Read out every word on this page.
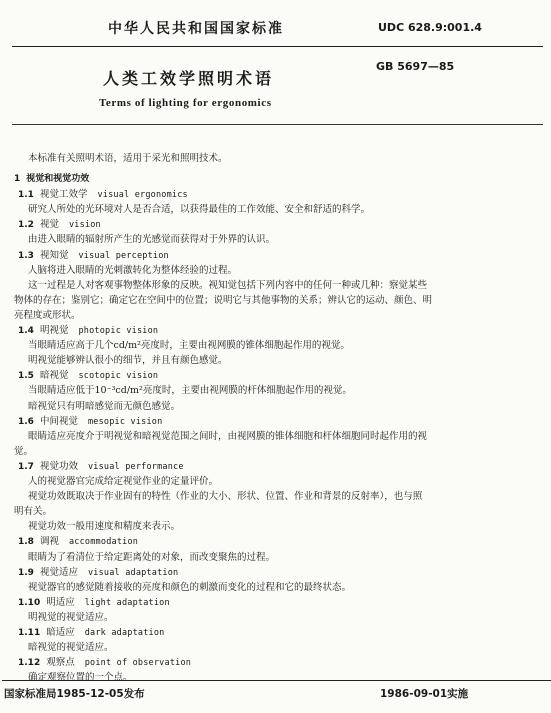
中华人民共和国国家标准	UDC 628.9:001.4
人类工效学照明术语
GB 5697—85
Terms of lighting for ergonomics
本标准有关照明术语，适用于采光和照明技术。
1 视觉和视觉功效
1.1 视觉工效学 visual ergonomics
研究人所处的光环境对人是否合适，以获得最佳的工作效能、安全和舒适的科学。
1.2 视觉 vision
由进入眼睛的辐射所产生的光感觉而获得对于外界的认识。
1.3 视知觉 visual perception
人脑将进入眼睛的光刺激转化为整体经验的过程。
这一过程是人对客观事物整体形象的反映。视知觉包括下列内容中的任何一种或几种：察觉某些
物体的存在；鉴别它；确定它在空间中的位置；说明它与其他事物的关系；辨认它的运动、颜色、明
亮程度或形状。
1.4 明视觉 photopic vision
当眼睛适应高于几个cd/m²亮度时，主要由视网膜的锥体细胞起作用的视觉。
明视觉能够辨认很小的细节，并且有颜色感觉。
1.5 暗视觉 scotopic vision
当眼睛适应低于10⁻³cd/m²亮度时，主要由视网膜的杆体细胞起作用的视觉。
暗视觉只有明暗感觉而无颜色感觉。
1.6 中间视觉 mesopic vision
眼睛适应亮度介于明视觉和暗视觉范围之间时，由视网膜的锥体细胞和杆体细胞同时起作用的视
觉。
1.7 视觉功效 visual performance
人的视觉器官完成给定视觉作业的定量评价。
视觉功效既取决于作业固有的特性（作业的大小、形状、位置、作业和背景的反射率），也与照
明有关。
视觉功效一般用速度和精度来表示。
1.8 调视 accommodation
眼睛为了看清位于给定距离处的对象，而改变聚焦的过程。
1.9 视觉适应 visual adaptation
视觉器官的感觉随着接收的亮度和颜色的刺激而变化的过程和它的最终状态。
1.10 明适应 light adaptation
明视觉的视觉适应。
1.11 暗适应 dark adaptation
暗视觉的视觉适应。
1.12 观察点 point of observation
确定观察位置的一个点。
国家标准局1985-12-05发布	1986-09-01实施
